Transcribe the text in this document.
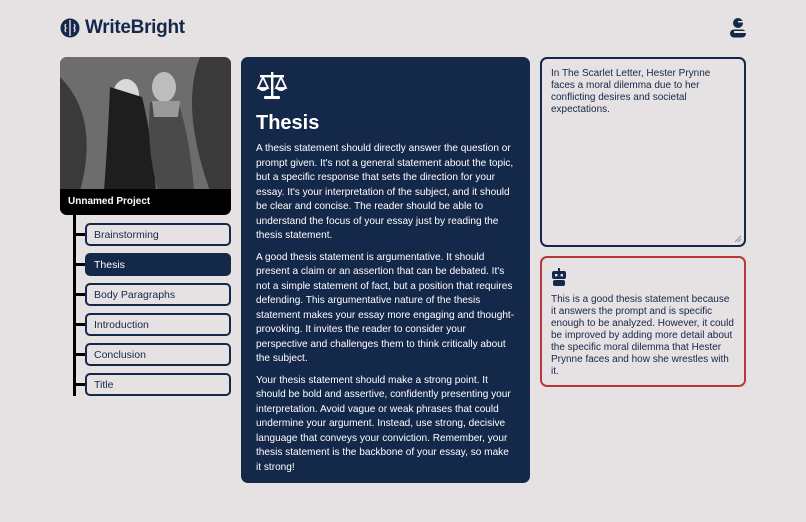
WriteBright
Unnamed Project
Brainstorming
Thesis
Body Paragraphs
Introduction
Conclusion
Title
Thesis

A thesis statement should directly answer the question or prompt given. It's not a general statement about the topic, but a specific response that sets the direction for your essay. It's your interpretation of the subject, and it should be clear and concise. The reader should be able to understand the focus of your essay just by reading the thesis statement.

A good thesis statement is argumentative. It should present a claim or an assertion that can be debated. It's not a simple statement of fact, but a position that requires defending. This argumentative nature of the thesis statement makes your essay more engaging and thought-provoking. It invites the reader to consider your perspective and challenges them to think critically about the subject.

Your thesis statement should make a strong point. It should be bold and assertive, confidently presenting your interpretation. Avoid vague or weak phrases that could undermine your argument. Instead, use strong, decisive language that conveys your conviction. Remember, your thesis statement is the backbone of your essay, so make it strong!

In The Scarlet Letter, Hester Prynne faces a moral dilemma due to her conflicting desires and societal expectations.
This is a good thesis statement because it answers the prompt and is specific enough to be analyzed. However, it could be improved by adding more detail about the specific moral dilemma that Hester Prynne faces and how she wrestles with it.
